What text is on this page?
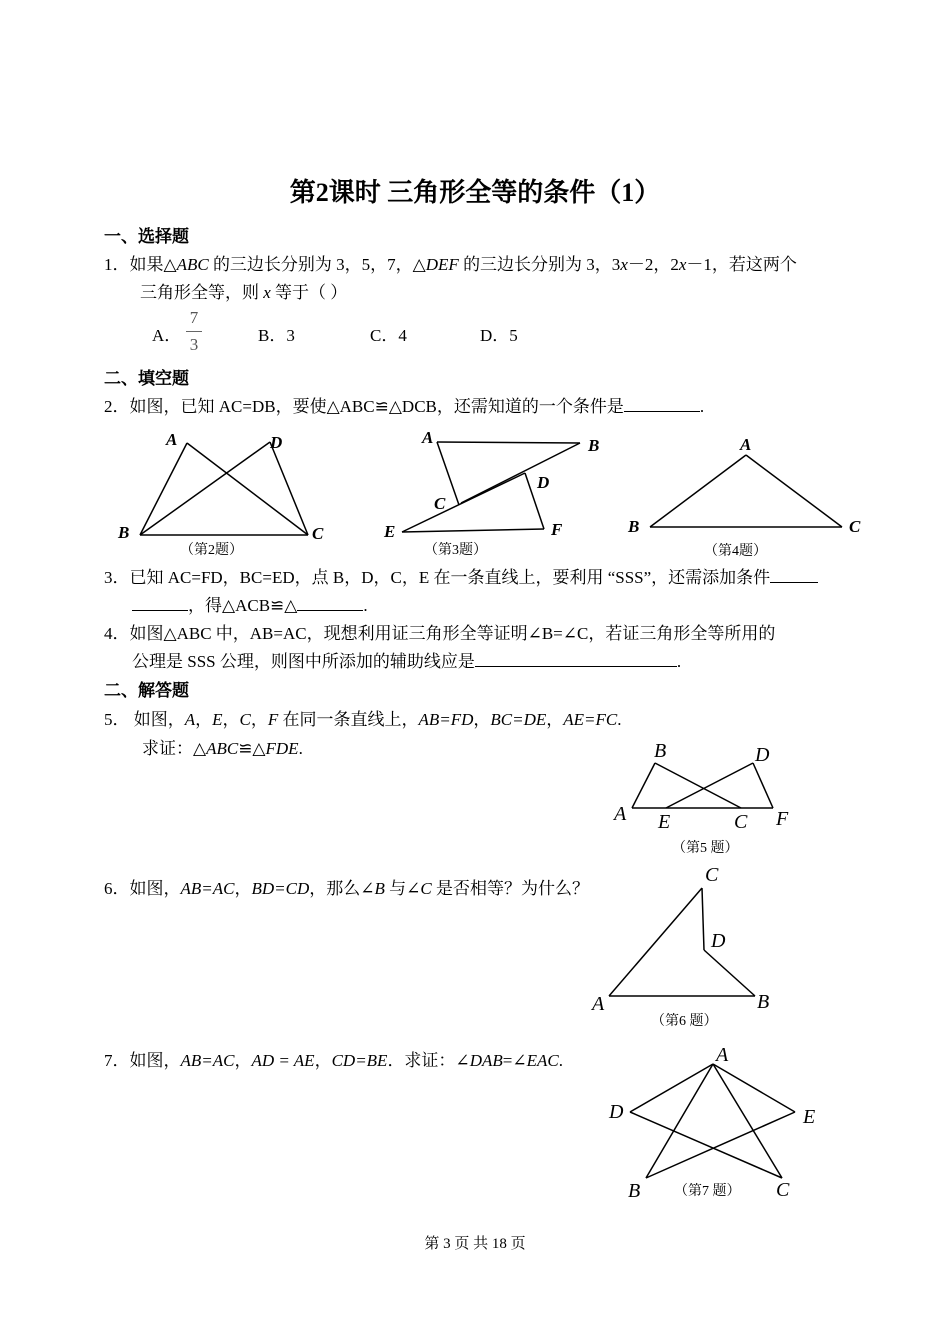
第2课时 三角形全等的条件（1）
一、选择题
1．如果△ABC 的三边长分别为 3，5，7，△DEF 的三边长分别为 3，3x－2，2x－1，若这两个
三角形全等，则 x 等于（ ）
A．
7
3	B．3	C．4	D．5
二、填空题
2．如图，已知 AC=DB，要使△ABC≌△DCB，还需知道的一个条件是	.
A	D
B	C
（第2题）
A	B
C
D
E	F
（第3题）
A
B	C
（第4题）
3．已知 AC=FD，BC=ED，点 B，D，C，E 在一条直线上，要利用 “SSS”，还需添加条件
，得△ACB≌△	.
4．如图△ABC 中，AB=AC，现想利用证三角形全等证明∠B=∠C，若证三角形全等所用的
公理是 SSS 公理，则图中所添加的辅助线应是	.
二、解答题
5． 如图，A，E，C，F 在同一条直线上，AB=FD，BC=DE，AE=FC.
求证：△ABC≌△FDE.	B	D
A E	C F
（第5 题）
6．如图，AB=AC，BD=CD，那么∠B 与∠C 是否相等？为什么？
C
D
A	B
（第6 题）
7．如图，AB=AC，AD = AE，CD=BE．求证：∠DAB=∠EAC.	A
D	E
B	C
（第7 题）
第 3 页 共 18 页
